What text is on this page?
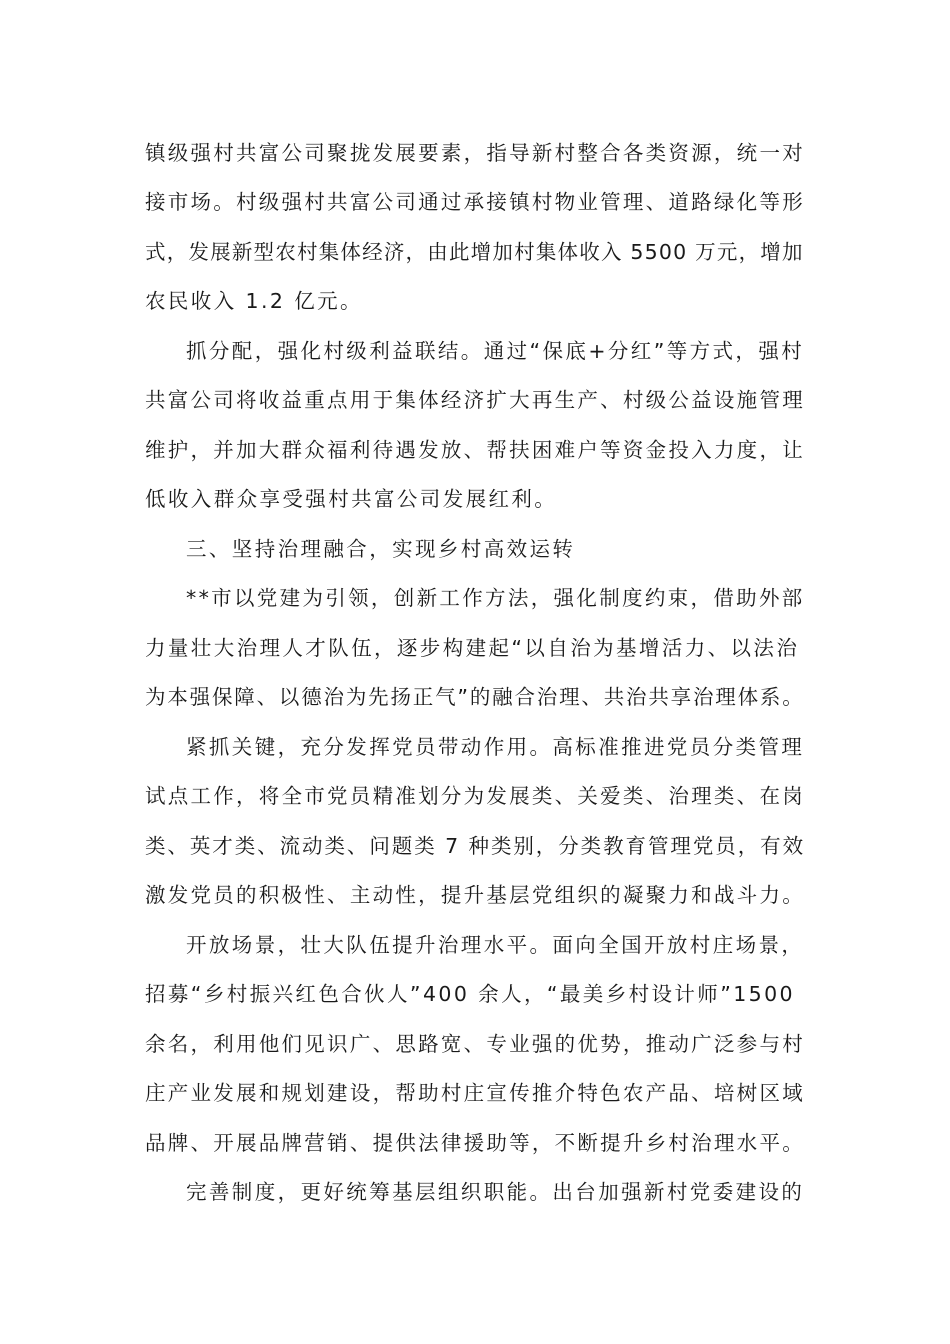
镇级强村共富公司聚拢发展要素，指导新村整合各类资源，统一对
接市场。村级强村共富公司通过承接镇村物业管理、道路绿化等形
式，发展新型农村集体经济，由此增加村集体收入 5500 万元，增加
农民收入 1.2 亿元。
抓分配，强化村级利益联结。通过“保底+分红”等方式，强村
共富公司将收益重点用于集体经济扩大再生产、村级公益设施管理
维护，并加大群众福利待遇发放、帮扶困难户等资金投入力度，让
低收入群众享受强村共富公司发展红利。
三、坚持治理融合，实现乡村高效运转
**市以党建为引领，创新工作方法，强化制度约束，借助外部
力量壮大治理人才队伍，逐步构建起“以自治为基增活力、以法治
为本强保障、以德治为先扬正气”的融合治理、共治共享治理体系。
紧抓关键，充分发挥党员带动作用。高标准推进党员分类管理
试点工作，将全市党员精准划分为发展类、关爱类、治理类、在岗
类、英才类、流动类、问题类 7 种类别，分类教育管理党员，有效
激发党员的积极性、主动性，提升基层党组织的凝聚力和战斗力。
开放场景，壮大队伍提升治理水平。面向全国开放村庄场景，
招募“乡村振兴红色合伙人”400 余人，“最美乡村设计师”1500
余名，利用他们见识广、思路宽、专业强的优势，推动广泛参与村
庄产业发展和规划建设，帮助村庄宣传推介特色农产品、培树区域
品牌、开展品牌营销、提供法律援助等，不断提升乡村治理水平。
完善制度，更好统筹基层组织职能。出台加强新村党委建设的
